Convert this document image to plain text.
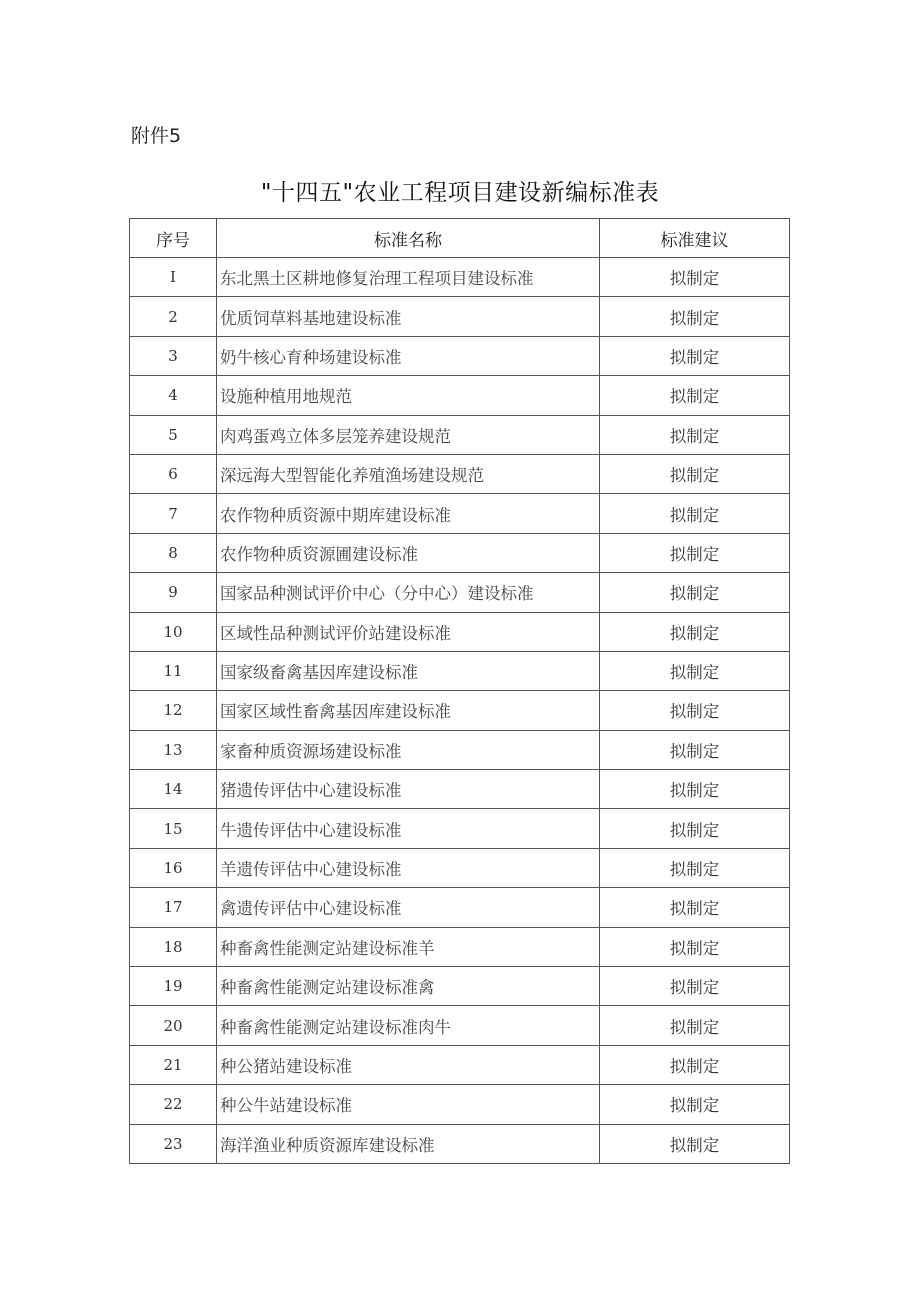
附件5
"十四五"农业工程项目建设新编标准表
序号	标准名称	标准建议
I	东北黑土区耕地修复治理工程项目建设标准	拟制定
2	优质饲草料基地建设标准	拟制定
3	奶牛核心育种场建设标准	拟制定
4	设施种植用地规范	拟制定
5	肉鸡蛋鸡立体多层笼养建设规范	拟制定
6	深远海大型智能化养殖渔场建设规范	拟制定
7	农作物种质资源中期库建设标准	拟制定
8	农作物种质资源圃建设标准	拟制定
9	国家品种测试评价中心（分中心）建设标准	拟制定
10	区域性品种测试评价站建设标准	拟制定
11	国家级畜禽基因库建设标准	拟制定
12	国家区域性畜禽基因库建设标准	拟制定
13	家畜种质资源场建设标准	拟制定
14	猪遗传评估中心建设标准	拟制定
15	牛遗传评估中心建设标准	拟制定
16	羊遗传评估中心建设标准	拟制定
17	禽遗传评估中心建设标准	拟制定
18	种畜禽性能测定站建设标准羊	拟制定
19	种畜禽性能测定站建设标准禽	拟制定
20	种畜禽性能测定站建设标准肉牛	拟制定
21	种公猪站建设标准	拟制定
22	种公牛站建设标准	拟制定
23	海洋渔业种质资源库建设标准	拟制定
